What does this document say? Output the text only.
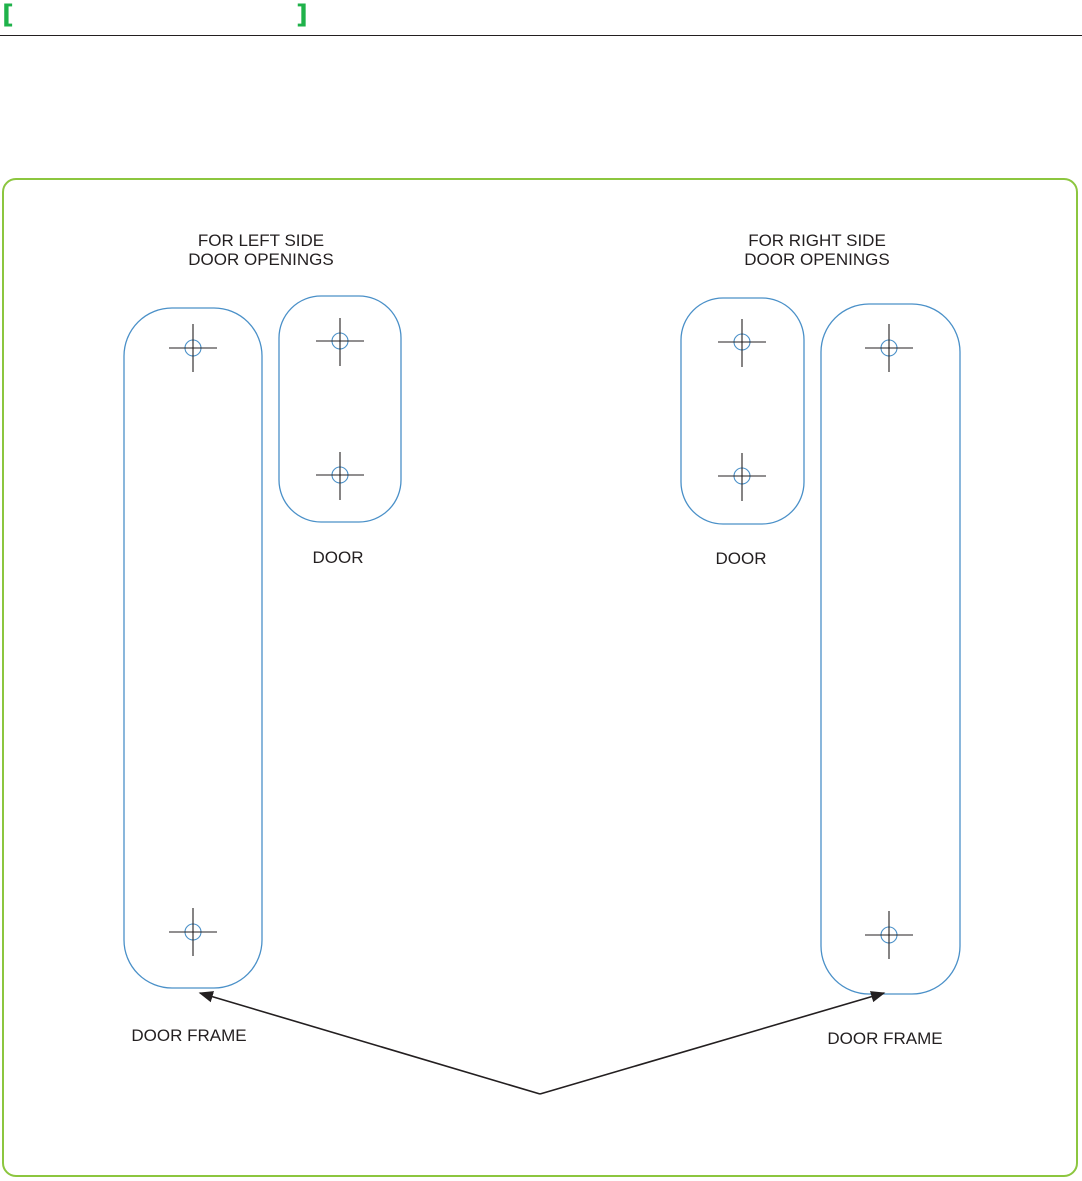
[	]
FOR LEFT SIDE
DOOR OPENINGS
DOOR
DOOR FRAME
FOR RIGHT SIDE
DOOR OPENINGS
DOOR
DOOR FRAME
